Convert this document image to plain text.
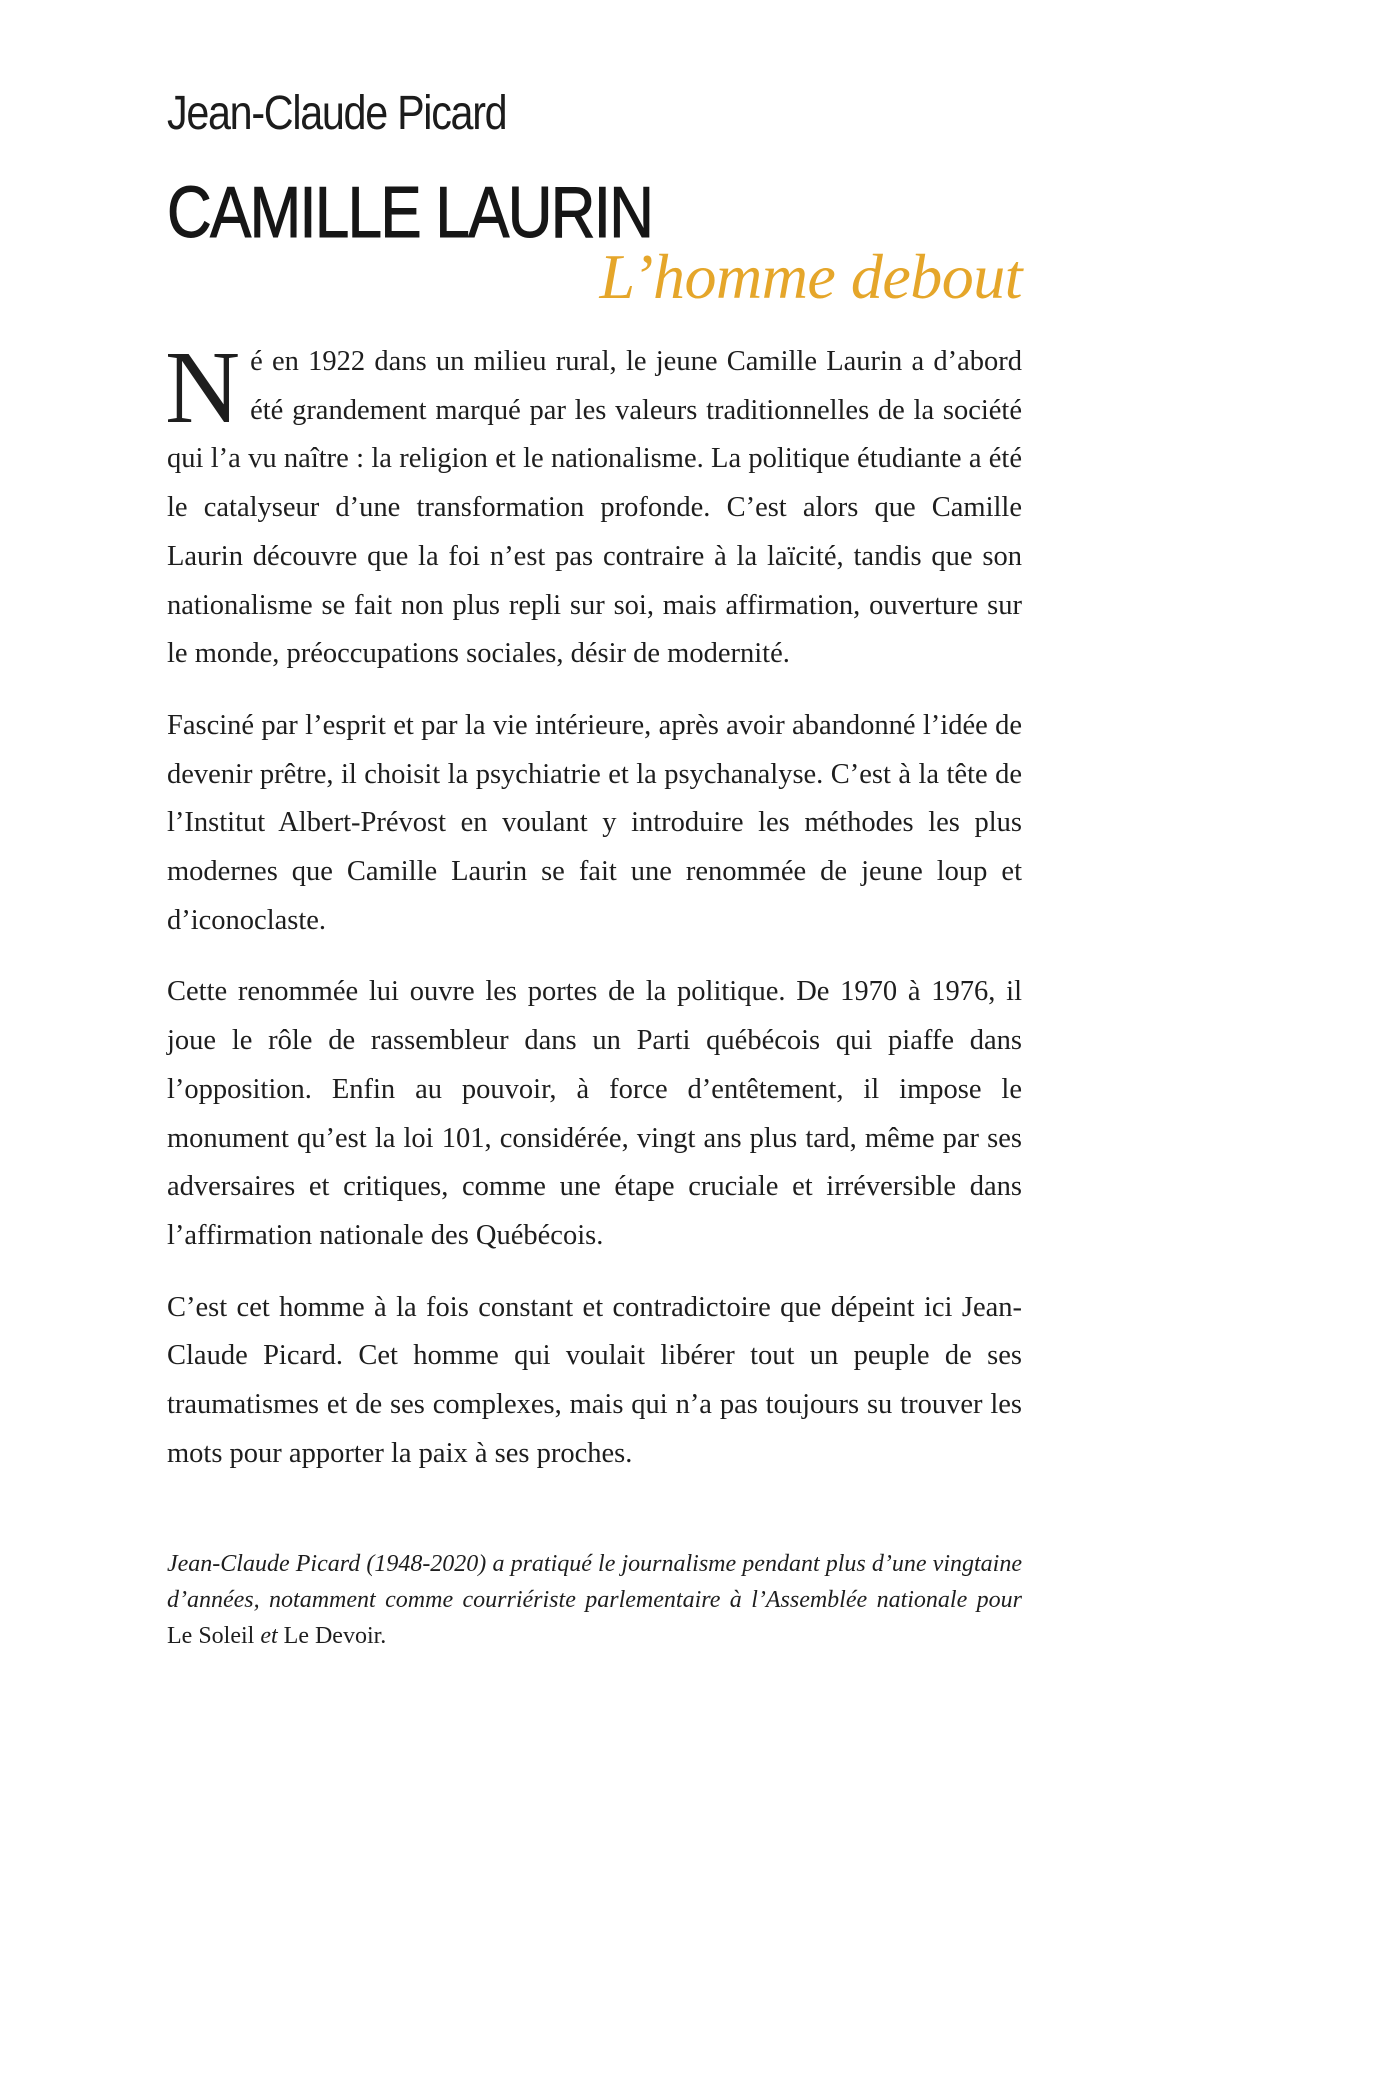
Jean-Claude Picard
CAMILLE LAURIN
L’homme debout

Né en 1922 dans un milieu rural, le jeune Camille Laurin a d’abord été grandement marqué par les valeurs traditionnelles de la société qui l’a vu naître : la religion et le nationalisme. La politique étudiante a été le catalyseur d’une transformation profonde. C’est alors que Camille Laurin découvre que la foi n’est pas contraire à la laïcité, tandis que son nationalisme se fait non plus repli sur soi, mais affirmation, ouverture sur le monde, préoccupations sociales, désir de modernité.

Fasciné par l’esprit et par la vie intérieure, après avoir abandonné l’idée de devenir prêtre, il choisit la psychiatrie et la psychanalyse. C’est à la tête de l’Institut Albert-Prévost en voulant y introduire les méthodes les plus modernes que Camille Laurin se fait une renommée de jeune loup et d’iconoclaste.

Cette renommée lui ouvre les portes de la politique. De 1970 à 1976, il joue le rôle de rassembleur dans un Parti québécois qui piaffe dans l’opposition. Enfin au pouvoir, à force d’entêtement, il impose le monument qu’est la loi 101, considérée, vingt ans plus tard, même par ses adversaires et critiques, comme une étape cruciale et irréversible dans l’affirmation nationale des Québécois.

C’est cet homme à la fois constant et contradictoire que dépeint ici Jean-Claude Picard. Cet homme qui voulait libérer tout un peuple de ses traumatismes et de ses complexes, mais qui n’a pas toujours su trouver les mots pour apporter la paix à ses proches.

Jean-Claude Picard (1948-2020) a pratiqué le journalisme pendant plus d’une vingtaine d’années, notamment comme courriériste parlementaire à l’Assemblée nationale pour Le Soleil et Le Devoir.
